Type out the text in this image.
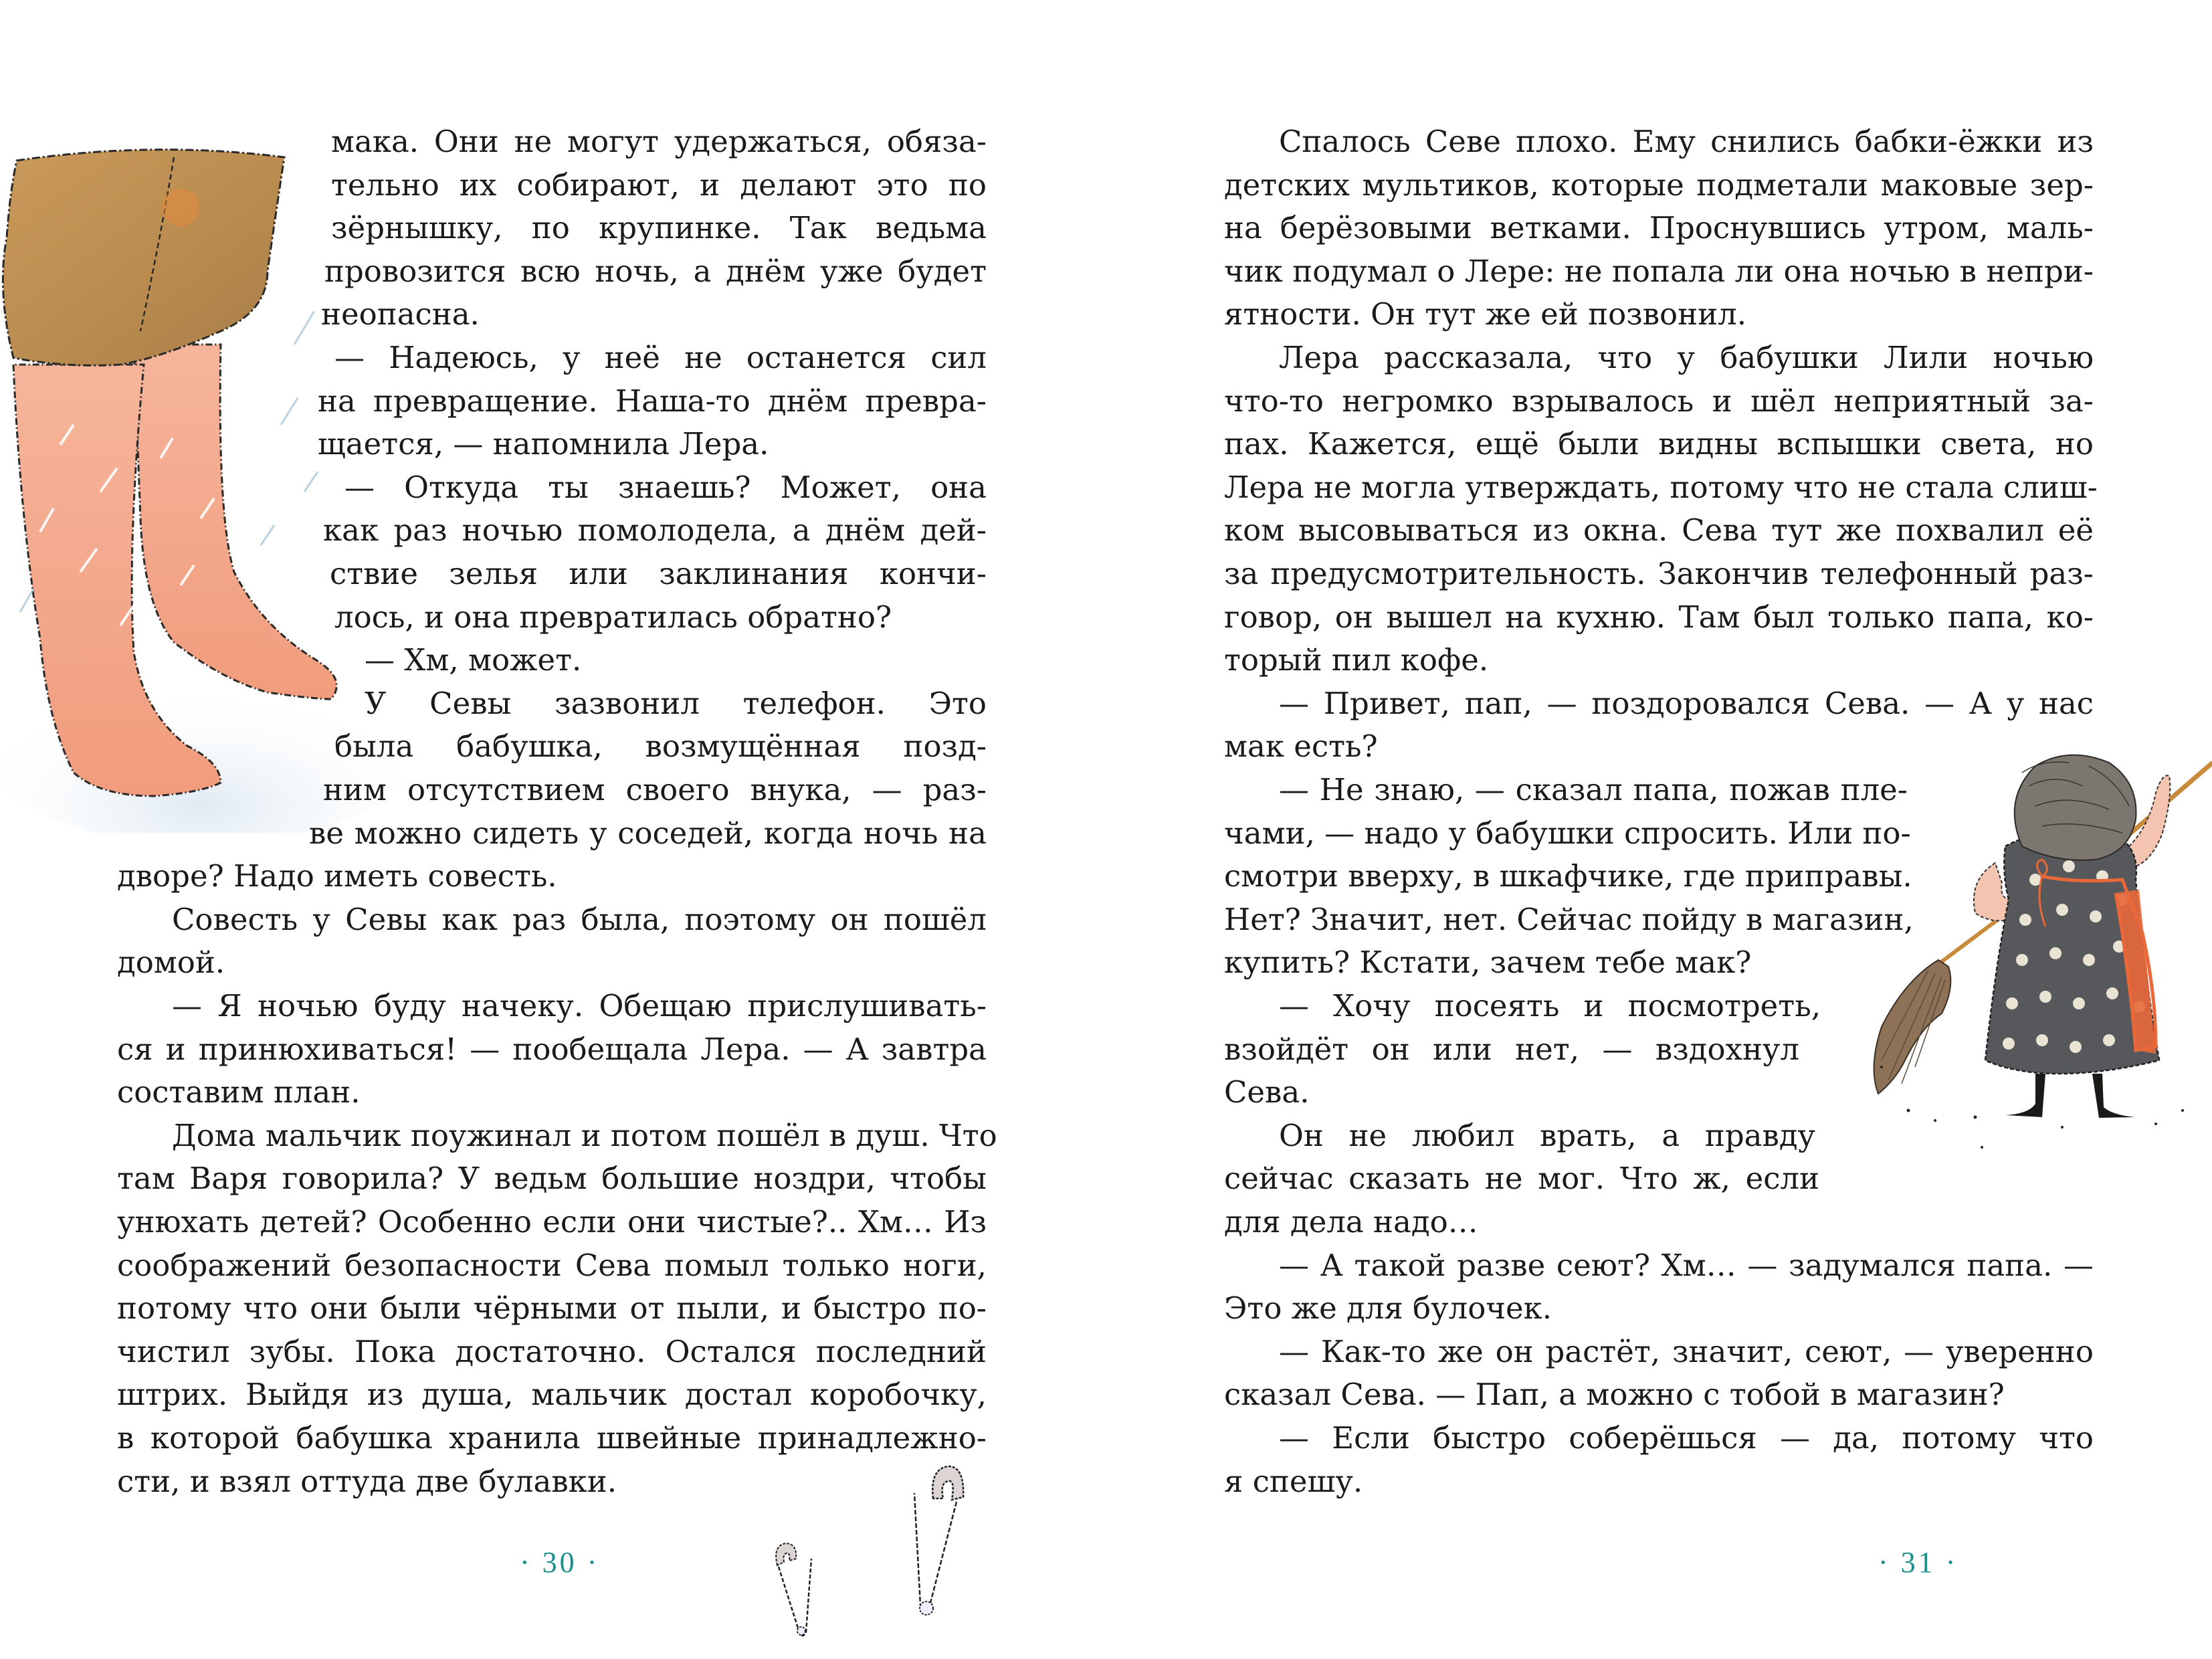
мака. Они не могут удержаться, обяза-
тельно их собирают, и делают это по
зёрнышку, по крупинке. Так ведьма
провозится всю ночь, а днём уже будет
неопасна.
— Надеюсь, у неё не останется сил
на превращение. Наша-то днём превра-
щается, — напомнила Лера.
— Откуда ты знаешь? Может, она
как раз ночью помолодела, а днём дей-
ствие зелья или заклинания кончи-
лось, и она превратилась обратно?
— Хм, может.
У Севы зазвонил телефон. Это
была бабушка, возмущённая позд-
ним отсутствием своего внука, — раз-
ве можно сидеть у соседей, когда ночь на
дворе? Надо иметь совесть.
Совесть у Севы как раз была, поэтому он пошёл
домой.
— Я ночью буду начеку. Обещаю прислушивать-
ся и принюхиваться! — пообещала Лера. — А завтра
составим план.
Дома мальчик поужинал и потом пошёл в душ. Что
там Варя говорила? У ведьм большие ноздри, чтобы
унюхать детей? Особенно если они чистые?.. Хм… Из
соображений безопасности Сева помыл только ноги,
потому что они были чёрными от пыли, и быстро по-
чистил зубы. Пока достаточно. Остался последний
штрих. Выйдя из душа, мальчик достал коробочку,
в которой бабушка хранила швейные принадлежно-
сти, и взял оттуда две булавки.
· 30 ·
Спалось Севе плохо. Ему снились бабки-ёжки из
детских мультиков, которые подметали маковые зер-
на берёзовыми ветками. Проснувшись утром, маль-
чик подумал о Лере: не попала ли она ночью в непри-
ятности. Он тут же ей позвонил.
Лера рассказала, что у бабушки Лили ночью
что-то негромко взрывалось и шёл неприятный за-
пах. Кажется, ещё были видны вспышки света, но
Лера не могла утверждать, потому что не стала слиш-
ком высовываться из окна. Сева тут же похвалил её
за предусмотрительность. Закончив телефонный раз-
говор, он вышел на кухню. Там был только папа, ко-
торый пил кофе.
— Привет, пап, — поздоровался Сева. — А у нас
мак есть?
— Не знаю, — сказал папа, пожав пле-
чами, — надо у бабушки спросить. Или по-
смотри вверху, в шкафчике, где приправы.
Нет? Значит, нет. Сейчас пойду в магазин,
купить? Кстати, зачем тебе мак?
— Хочу посеять и посмотреть,
взойдёт он или нет, — вздохнул
Сева.
Он не любил врать, а правду
сейчас сказать не мог. Что ж, если
для дела надо…
— А такой разве сеют? Хм… — задумался папа. —
Это же для булочек.
— Как-то же он растёт, значит, сеют, — уверенно
сказал Сева. — Пап, а можно с тобой в магазин?
— Если быстро соберёшься — да, потому что
я спешу.
· 31 ·
